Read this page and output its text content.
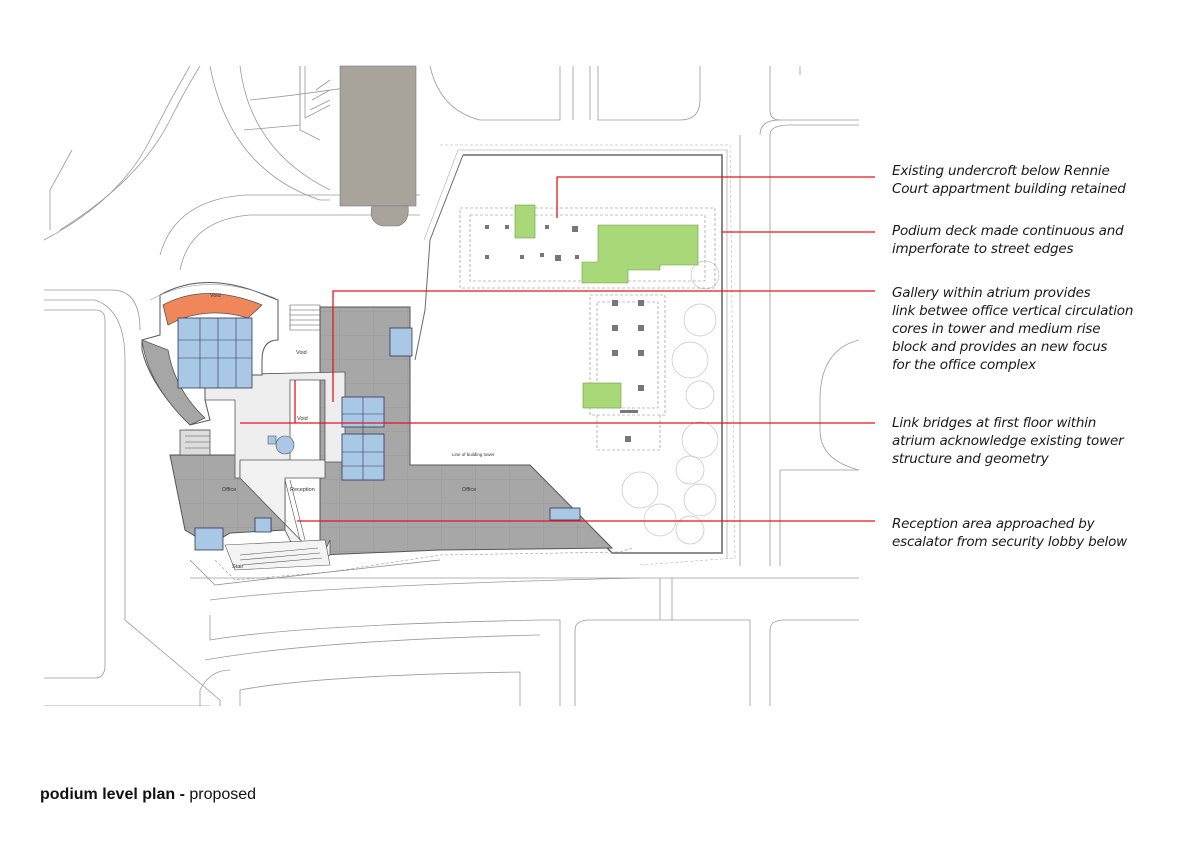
Void
Void
Void
Office	Office
Reception
Stair
Line of building tower
Existing undercroft below Rennie
Court appartment building retained
Podium deck made continuous and
imperforate to street edges
Gallery within atrium provides
link betwee office vertical circulation
cores in tower and medium rise
block and provides an new focus
for the office complex
Link bridges at first floor within
atrium acknowledge existing tower
structure and geometry
Reception area approached by
escalator from security lobby below
podium level plan - proposed
